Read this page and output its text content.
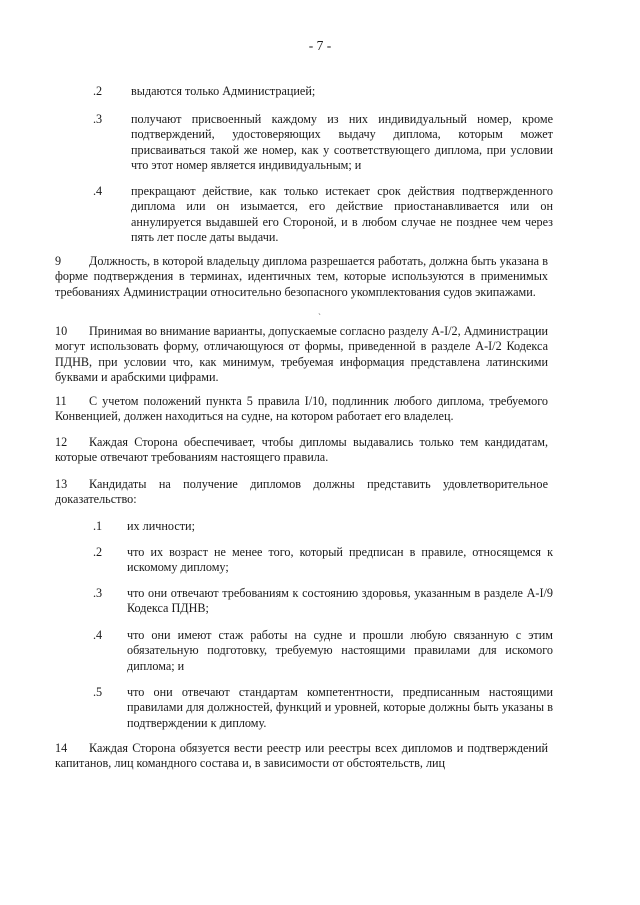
- 7 -
.2 выдаются только Администрацией;
.3 получают присвоенный каждому из них индивидуальный номер, кроме подтверждений, удостоверяющих выдачу диплома, которым может присваиваться такой же номер, как у соответствующего диплома, при условии что этот номер является индивидуальным; и
.4 прекращают действие, как только истекает срок действия подтвержденного диплома или он изымается, его действие приостанавливается или он аннулируется выдавшей его Стороной, и в любом случае не позднее чем через пять лет после даты выдачи.
9 Должность, в которой владельцу диплома разрешается работать, должна быть указана в форме подтверждения в терминах, идентичных тем, которые используются в применимых требованиях Администрации относительно безопасного укомплектования судов экипажами.
10 Принимая во внимание варианты, допускаемые согласно разделу A-I/2, Администрации могут использовать форму, отличающуюся от формы, приведенной в разделе A-I/2 Кодекса ПДНВ, при условии что, как минимум, требуемая информация представлена латинскими буквами и арабскими цифрами.
`
11 С учетом положений пункта 5 правила I/10, подлинник любого диплома, требуемого Конвенцией, должен находиться на судне, на котором работает его владелец.
12 Каждая Сторона обеспечивает, чтобы дипломы выдавались только тем кандидатам, которые отвечают требованиям настоящего правила.
13 Кандидаты на получение дипломов должны представить удовлетворительное доказательство:
.1 их личности;
.2 что их возраст не менее того, который предписан в правиле, относящемся к искомому диплому;
.3 что они отвечают требованиям к состоянию здоровья, указанным в разделе A-I/9 Кодекса ПДНВ;
.4 что они имеют стаж работы на судне и прошли любую связанную с этим обязательную подготовку, требуемую настоящими правилами для искомого диплома; и
.5 что они отвечают стандартам компетентности, предписанным настоящими правилами для должностей, функций и уровней, которые должны быть указаны в подтверждении к диплому.
14 Каждая Сторона обязуется вести реестр или реестры всех дипломов и подтверждений капитанов, лиц командного состава и, в зависимости от обстоятельств, лиц
